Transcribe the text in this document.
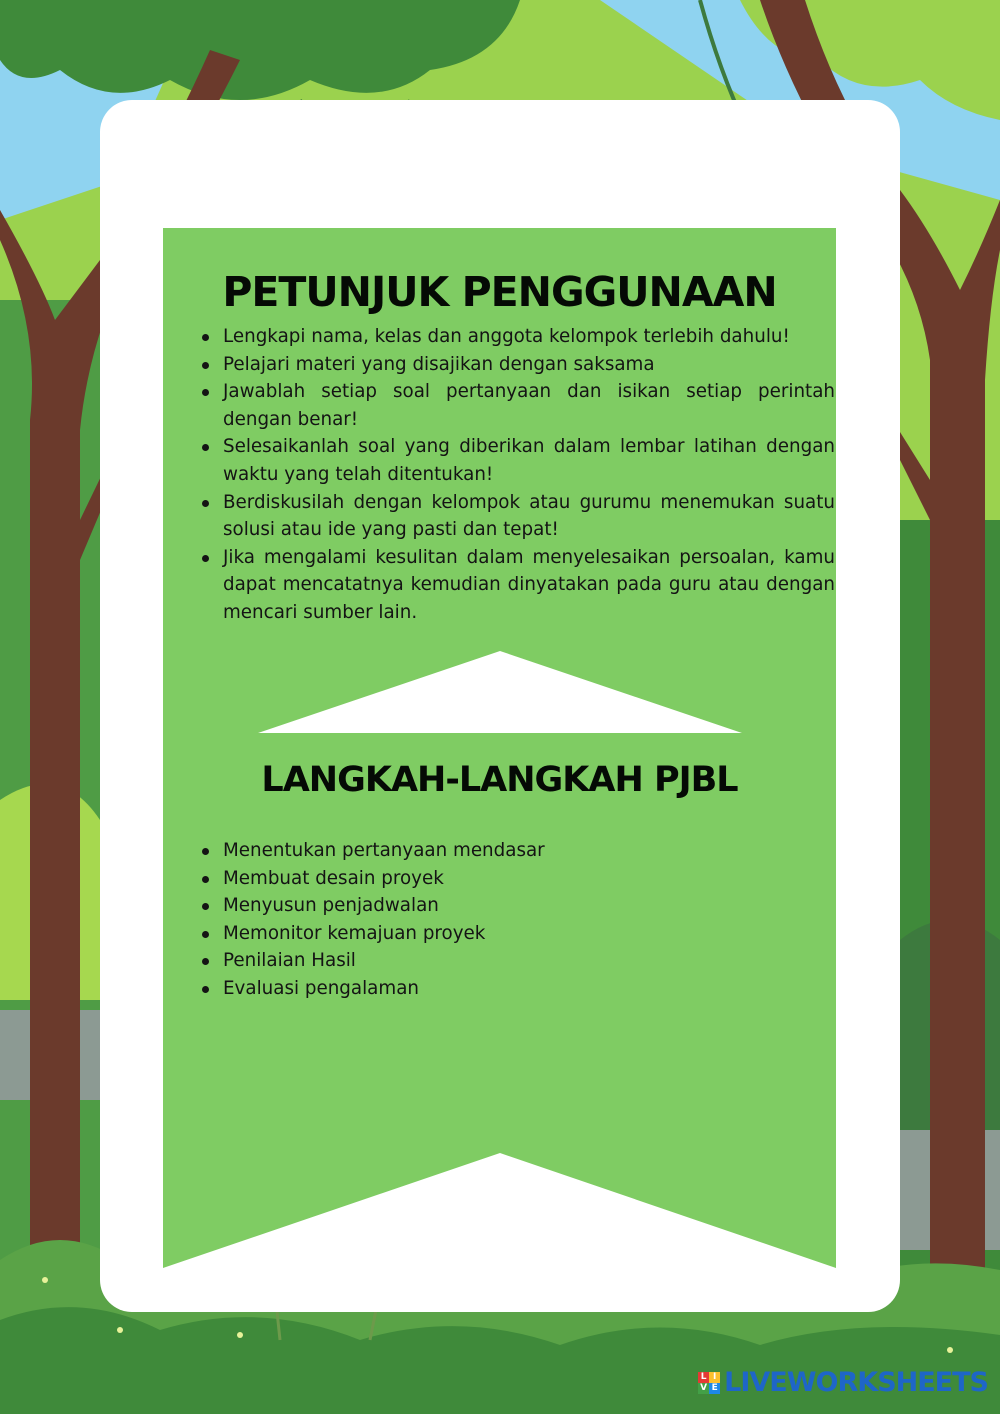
PETUNJUK PENGGUNAAN
Lengkapi nama, kelas dan anggota kelompok terlebih dahulu!
Pelajari materi yang disajikan dengan saksama
Jawablah setiap soal pertanyaan dan isikan setiap perintah dengan benar!
Selesaikanlah soal yang diberikan dalam lembar latihan dengan waktu yang telah ditentukan!
Berdiskusilah dengan kelompok atau gurumu menemukan suatu solusi atau ide yang pasti dan tepat!
Jika mengalami kesulitan dalam menyelesaikan persoalan, kamu dapat mencatatnya kemudian dinyatakan pada guru atau dengan mencari sumber lain.
LANGKAH-LANGKAH PJBL
Menentukan pertanyaan mendasar
Membuat desain proyek
Menyusun penjadwalan
Memonitor kemajuan proyek
Penilaian Hasil
Evaluasi pengalaman
L I
V E LIVEWORKSHEETS
